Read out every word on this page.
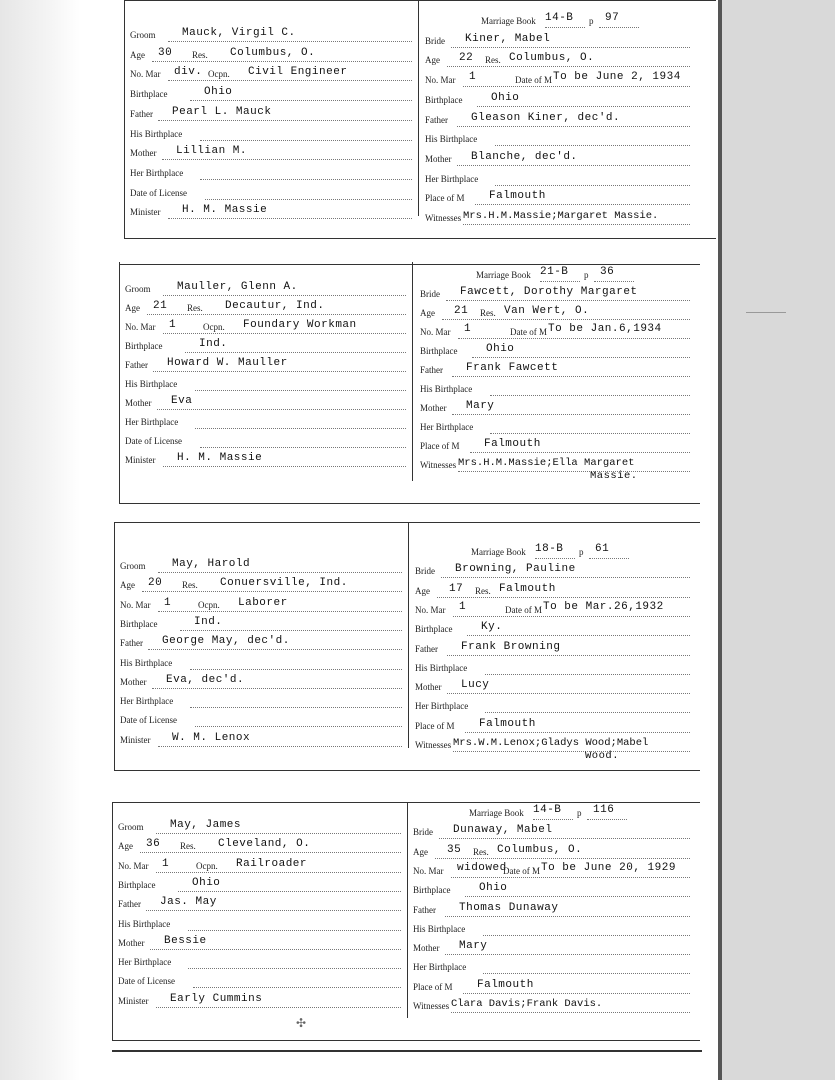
Groom Mauck, Virgil C.
Age 30 Res. Columbus, O.
No. Mar div. Ocpn. Civil Engineer
Birthplace	Ohio
Father Pearl L. Mauck
His Birthplace
Mother Lillian M.
Her Birthplace
Date of License
Minister H. M. Massie
Marriage Book 14-B p 97
Bride Kiner, Mabel
Age 22 Res. Columbus, O.
No. Mar 1	Date of M To be June 2, 1934
Birthplace	Ohio
Father Gleason Kiner, dec'd.
His Birthplace
Mother Blanche, dec'd.
Her Birthplace
Place of M Falmouth
Witnesses Mrs.H.M.Massie;Margaret Massie.
Groom Mauller, Glenn A.
Age 21 Res. Decautur, Ind.
No. Mar 1	Ocpn. Foundary Workman
Birthplace	Ind.
Father Howard W. Mauller
His Birthplace
Mother Eva
Her Birthplace
Date of License
Minister H. M. Massie
Marriage Book 21-B p 36
Bride Fawcett, Dorothy Margaret
Age 21 Res. Van Wert, O.
No. Mar 1	Date of M To be Jan.6,1934
Birthplace	Ohio
Father Frank Fawcett
His Birthplace
Mother Mary
Her Birthplace
Place of M Falmouth
Witnesses Mrs.H.M.Massie;Ella Margaret
Massie.
Groom May, Harold
Age 20 Res. Conuersville, Ind.
No. Mar 1	Ocpn. Laborer
Birthplace	Ind.
Father George May, dec'd.
His Birthplace
Mother Eva, dec'd.
Her Birthplace
Date of License
Minister W. M. Lenox
Marriage Book 18-B p 61
Bride Browning, Pauline
Age 17 Res. Falmouth
No. Mar 1	Date of M To be Mar.26,1932
Birthplace	Ky.
Father Frank Browning
His Birthplace
Mother Lucy
Her Birthplace
Place of M Falmouth
Witnesses Mrs.W.M.Lenox;Gladys Wood;Mabel
Wood.
Groom May, James
Age 36 Res. Cleveland, O.
No. Mar 1	Ocpn. Railroader
Birthplace	Ohio
Father Jas. May
His Birthplace
Mother Bessie
Her Birthplace
Date of License
Minister Early Cummins
Marriage Book 14-B p 116
Bride Dunaway, Mabel
Age 35 Res. Columbus, O.
No. Mar widowed
Date of M To be June 20, 1929
Birthplace	Ohio
Father Thomas Dunaway
His Birthplace
Mother Mary
Her Birthplace
Place of M Falmouth
Witnesses Clara Davis;Frank Davis.
✣
